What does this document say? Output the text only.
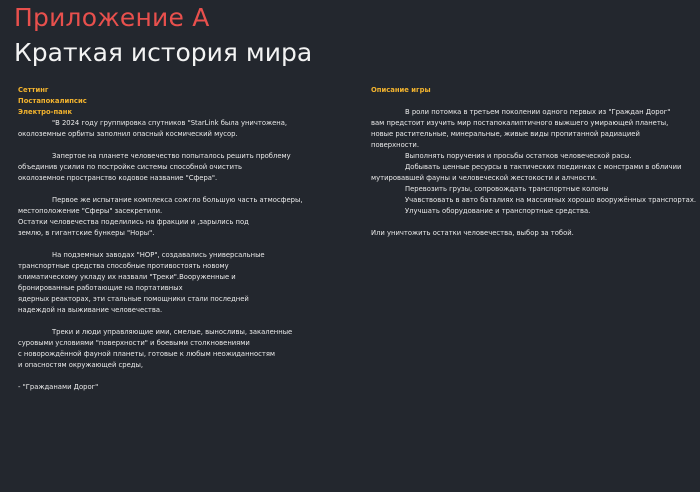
Приложение А
Краткая история мира
Сеттинг
Постапокалипсис
Электро-панк
"В 2024 году группировка спутников "StarLink была уничтожена,
околоземные орбиты заполнил опасный космический мусор.
Запертое на планете человечество попыталось решить проблему
объединив усилия по постройке системы способной очистить
околоземное пространство кодовое название "Сфера".
Первое же испытание комплекса сожгло большую часть атмосферы,
местоположение "Сферы" засекретили.
Остатки человечества поделились на фракции и ,зарылись под
землю, в гигантские бункеры "Норы".
На подземных заводах "НОР", создавались универсальные
транспортные средства способные противостоять новому
климатическому укладу их назвали "Треки".Вооруженные и
бронированные работающие на портативных
ядерных реакторах, эти стальные помощники стали последней
надеждой на выживание человечества.
Треки и люди управляющие ими, смелые, выносливы, закаленные
суровыми условиями "поверхности" и боевыми столкновениями
с новорождённой фауной планеты, готовые к любым неожиданностям
и опасностям окружающей среды,
- "Гражданами Дорог"
Описание игры
В роли потомка в третьем поколении одного первых из "Граждан Дорог"
вам предстоит изучить мир постапокалиптичного выжшего умирающей планеты,
новые растительные, минеральные, живые виды пропитанной радиацией
поверхности.
Выполнять поручения и просьбы остатков человеческой расы.
Добывать ценные ресурсы в тактических поединках с монстрами в обличии
мутировавшей фауны и человеческой жестокости и алчности.
Перевозить грузы, сопровождать транспортные колоны
Учавствовать в авто баталиях на массивных хорошо вооружённых транспортах.
Улучшать оборудование и транспортные средства.
Или уничтожить остатки человечества, выбор за тобой.
